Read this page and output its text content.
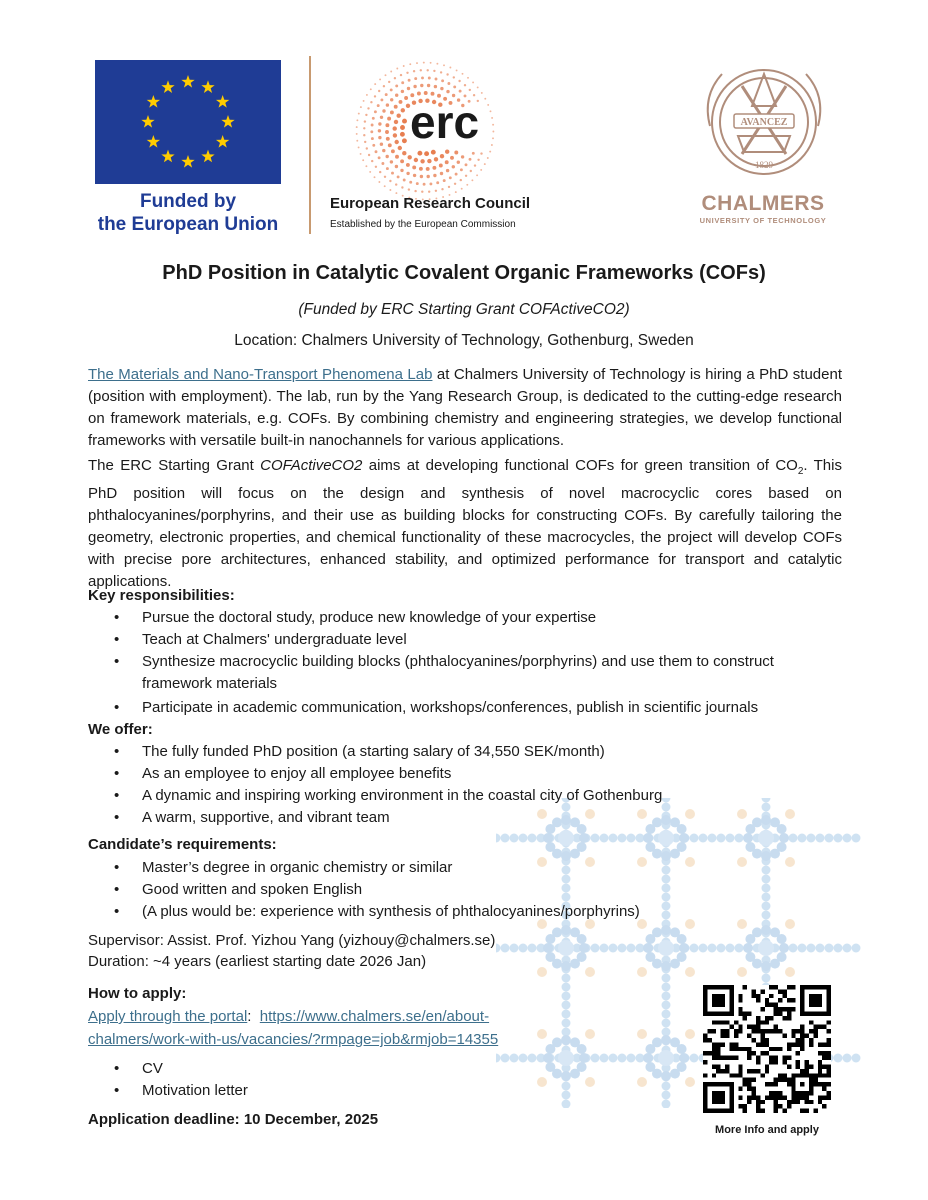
Funded by
the European Union
erc
European Research Council
Established by the European Commission
AVANCEZ
1829
CHALMERS
UNIVERSITY OF TECHNOLOGY
PhD Position in Catalytic Covalent Organic Frameworks (COFs)
(Funded by ERC Starting Grant COFActiveCO2)
Location: Chalmers University of Technology, Gothenburg, Sweden
The Materials and Nano-Transport Phenomena Lab at Chalmers University of Technology is hiring a PhD student (position with employment). The lab, run by the Yang Research Group, is dedicated to the cutting-edge research on framework materials, e.g. COFs. By combining chemistry and engineering strategies, we develop functional frameworks with versatile built-in nanochannels for various applications.
The ERC Starting Grant COFActiveCO2 aims at developing functional COFs for green transition of $CO_2$. This PhD position will focus on the design and synthesis of novel macrocyclic cores based on phthalocyanines/porphyrins, and their use as building blocks for constructing COFs. By carefully tailoring the geometry, electronic properties, and chemical functionality of these macrocycles, the project will develop COFs with precise pore architectures, enhanced stability, and optimized performance for transport and catalytic applications.
Key responsibilities:
• Pursue the doctoral study, produce new knowledge of your expertise
• Teach at Chalmers' undergraduate level
• Synthesize macrocyclic building blocks (phthalocyanines/porphyrins) and use them to construct framework materials
• Participate in academic communication, workshops/conferences, publish in scientific journals
We offer:
• The fully funded PhD position (a starting salary of 34,550 SEK/month)
• As an employee to enjoy all employee benefits
• A dynamic and inspiring working environment in the coastal city of Gothenburg
• A warm, supportive, and vibrant team
Candidate’s requirements:
• Master’s degree in organic chemistry or similar
• Good written and spoken English
• (A plus would be: experience with synthesis of phthalocyanines/porphyrins)
Supervisor: Assist. Prof. Yizhou Yang (yizhouy@chalmers.se)
Duration: ~4 years (earliest starting date 2026 Jan)
How to apply:
Apply through the portal: https://www.chalmers.se/en/about-
chalmers/work-with-us/vacancies/?rmpage=job&rmjob=14355
• CV
• Motivation letter
Application deadline: 10 December, 2025
More Info and apply
